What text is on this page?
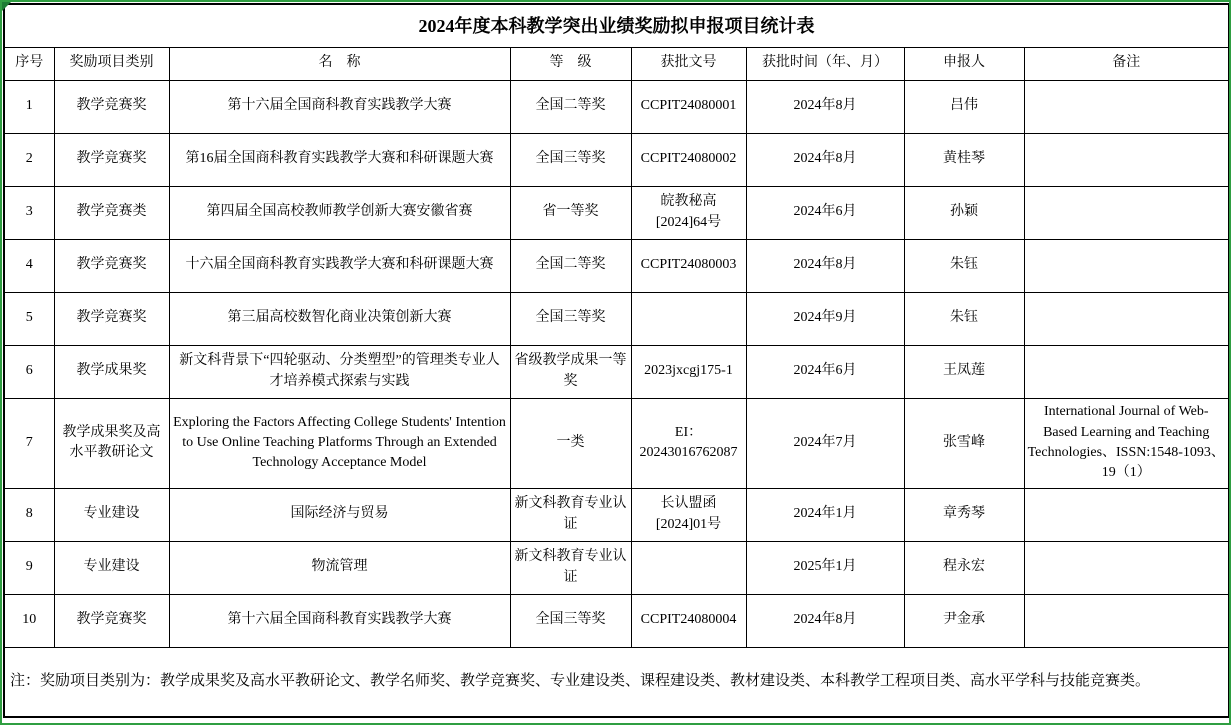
2024年度本科教学突出业绩奖励拟申报项目统计表							
序号	奖励项目类别	名　称	等　级	获批文号	获批时间（年、月）	申报人	备注
1	教学竞赛奖	第十六届全国商科教育实践教学大赛	全国二等奖	CCPIT24080001	2024年8月	吕伟	
2	教学竞赛奖	第16届全国商科教育实践教学大赛和科研课题大赛	全国三等奖	CCPIT24080002	2024年8月	黄桂琴	
3	教学竞赛类	第四届全国高校教师教学创新大赛安徽省赛	省一等奖	皖教秘高 [2024]64号	2024年6月	孙颖	
4	教学竞赛奖	十六届全国商科教育实践教学大赛和科研课题大赛	全国二等奖	CCPIT24080003	2024年8月	朱钰	
5	教学竞赛奖	第三届高校数智化商业决策创新大赛	全国三等奖		2024年9月	朱钰	
6	教学成果奖	新文科背景下“四轮驱动、分类塑型”的管理类专业人才培养模式探索与实践	省级教学成果一等奖	2023jxcgj175-1	2024年6月	王凤莲	
7	教学成果奖及高水平教研论文	Exploring the Factors Affecting College Students' Intention to Use Online Teaching Platforms Through an Extended Technology Acceptance Model	一类	EI：20243016762087	2024年7月	张雪峰	International Journal of Web-Based Learning and Teaching Technologies、ISSN:1548-1093、19（1）
8	专业建设	国际经济与贸易	新文科教育专业认证	长认盟函 [2024]01号	2024年1月	章秀琴	
9	专业建设	物流管理	新文科教育专业认证		2025年1月	程永宏	
10	教学竞赛奖	第十六届全国商科教育实践教学大赛	全国三等奖	CCPIT24080004	2024年8月	尹金承	
注：奖励项目类别为：教学成果奖及高水平教研论文、教学名师奖、教学竞赛奖、专业建设类、课程建设类、教材建设类、本科教学工程项目类、高水平学科与技能竞赛类。							
